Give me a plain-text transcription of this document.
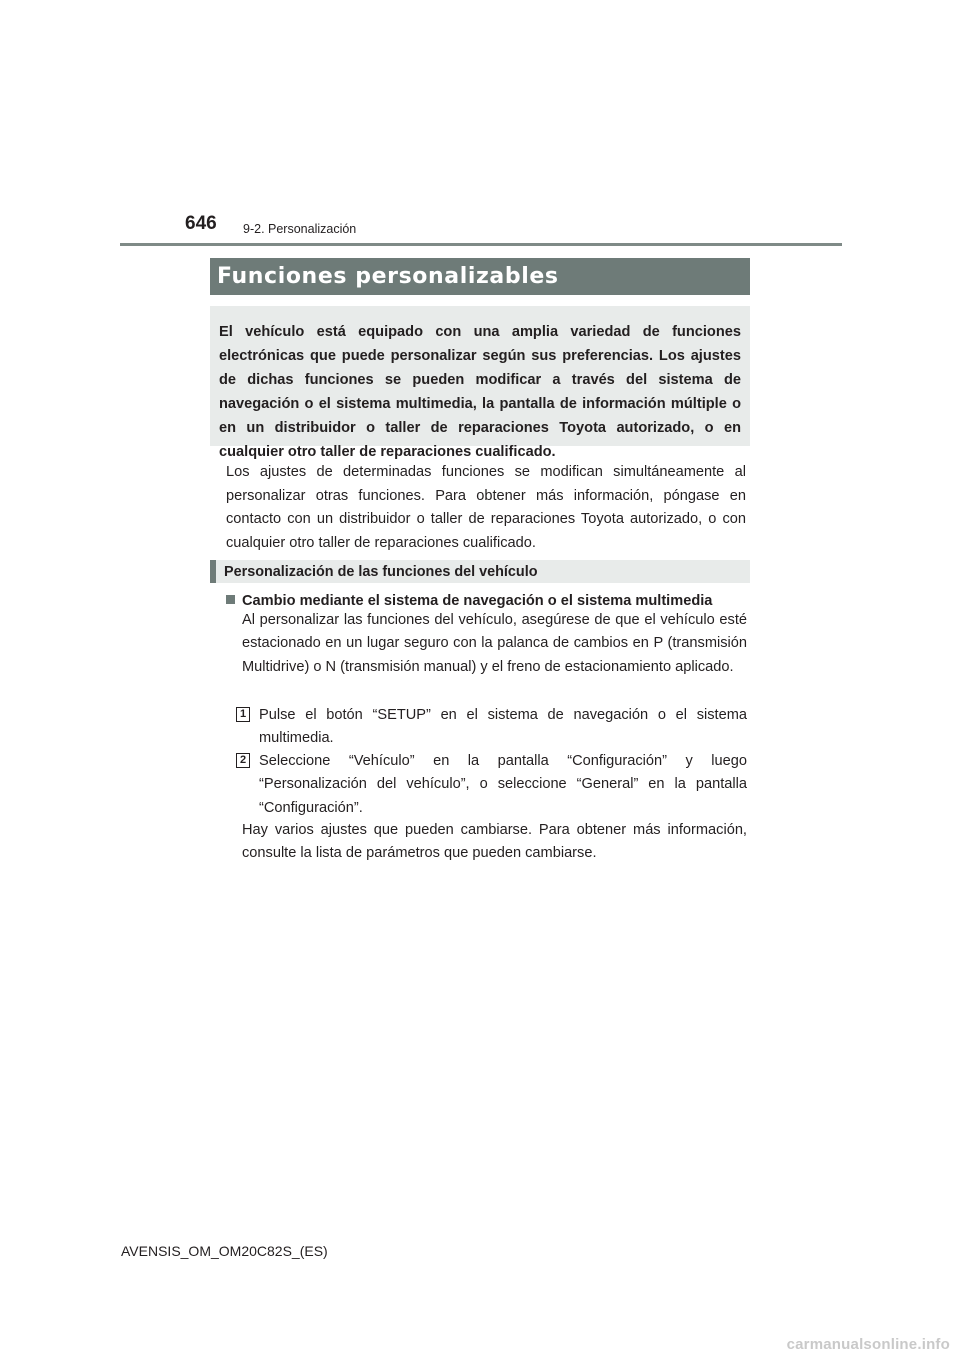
646 9-2. Personalización
Funciones personalizables

El vehículo está equipado con una amplia variedad de funciones electrónicas que puede personalizar según sus preferencias. Los ajustes de dichas funciones se pueden modificar a través del sistema de navegación o el sistema multimedia, la pantalla de información múltiple o en un distribuidor o taller de reparaciones Toyota autorizado, o en cualquier otro taller de reparaciones cualificado.

Los ajustes de determinadas funciones se modifican simultáneamente al personalizar otras funciones. Para obtener más información, póngase en contacto con un distribuidor o taller de reparaciones Toyota autorizado, o con cualquier otro taller de reparaciones cualificado.

Personalización de las funciones del vehículo
Cambio mediante el sistema de navegación o el sistema multimedia

Al personalizar las funciones del vehículo, asegúrese de que el vehículo esté estacionado en un lugar seguro con la palanca de cambios en P (transmisión Multidrive) o N (transmisión manual) y el freno de estacionamiento aplicado.

1 Pulse el botón “SETUP” en el sistema de navegación o el sistema multimedia.

2 Seleccione “Vehículo” en la pantalla “Configuración” y luego “Personalización del vehículo”, o seleccione “General” en la pantalla “Configuración”.

Hay varios ajustes que pueden cambiarse. Para obtener más información, consulte la lista de parámetros que pueden cambiarse.

AVENSIS_OM_OM20C82S_(ES)
carmanualsonline.info
